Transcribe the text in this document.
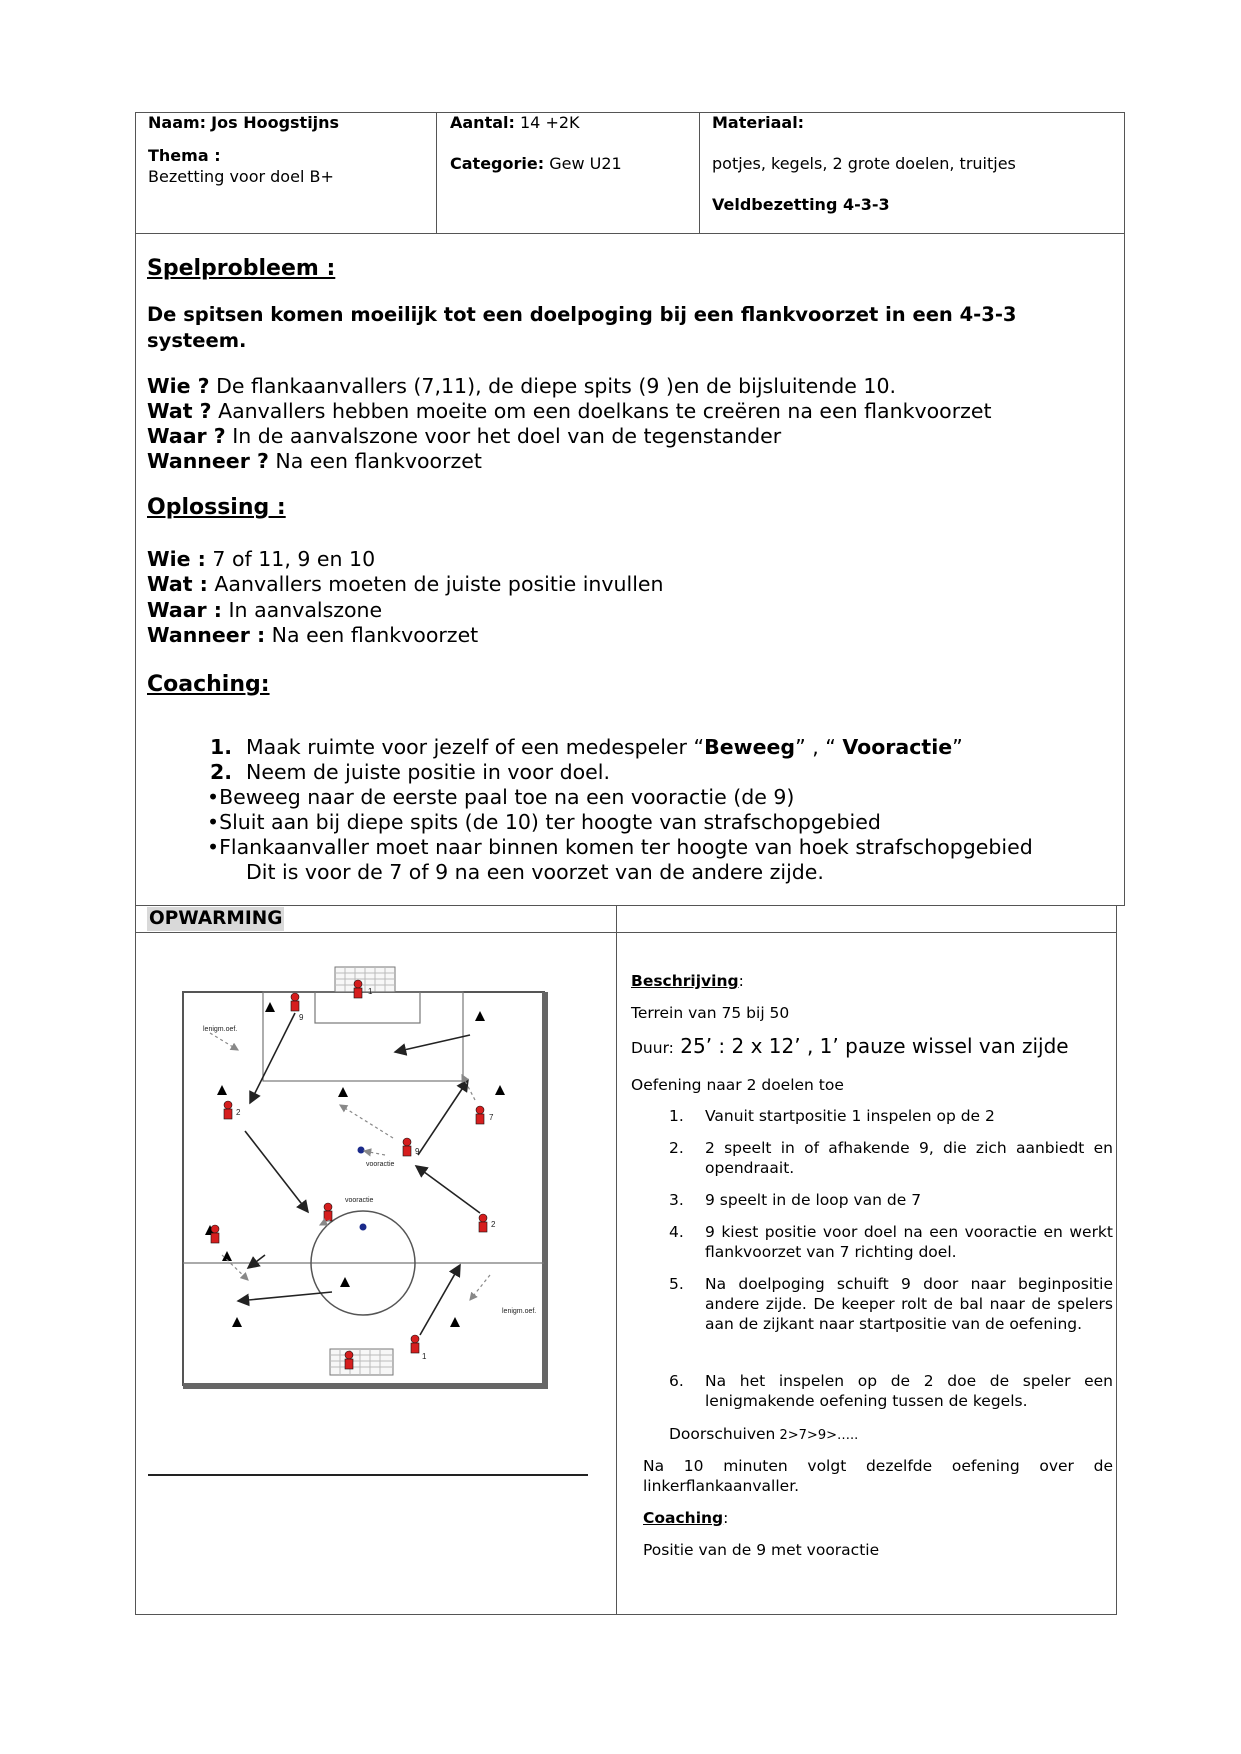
Naam: Jos Hoogstijns
Thema :
Bezetting voor doel B+
Aantal: 14 +2K
Categorie: Gew U21
Materiaal:
potjes, kegels, 2 grote doelen, truitjes
Veldbezetting 4-3-3
Spelprobleem :
De spitsen komen moeilijk tot een doelpoging bij een flankvoorzet in een 4-3-3 systeem.
Wie ? De flankaanvallers (7,11), de diepe spits (9 )en de bijsluitende 10.
Wat ? Aanvallers hebben moeite om een doelkans te creëren na een flankvoorzet
Waar ? In de aanvalszone voor het doel van de tegenstander
Wanneer ? Na een flankvoorzet
Oplossing :
Wie : 7 of 11, 9 en 10
Wat : Aanvallers moeten de juiste positie invullen
Waar : In aanvalszone
Wanneer : Na een flankvoorzet
Coaching:
1. Maak ruimte voor jezelf of een medespeler “Beweeg” , “ Vooractie”
2. Neem de juiste positie in voor doel.
•Beweeg naar de eerste paal toe na een vooractie (de 9)
•Sluit aan bij diepe spits (de 10) ter hoogte van strafschopgebied
•Flankaanvaller moet naar binnen komen ter hoogte van hoek strafschopgebied
Dit is voor de 7 of 9 na een voorzet van de andere zijde.
OPWARMING
lenigm.oef.
lenigm.oef.
vooractie
vooractie
1
9
2
7
9
2
1
Beschrijving:
Terrein van 75 bij 50
Duur: 25’ : 2 x 12’ , 1’ pauze wissel van zijde
Oefening naar 2 doelen toe
1. Vanuit startpositie 1 inspelen op de 2
2. 2 speelt in of afhakende 9, die zich aanbiedt en opendraait.
3. 9 speelt in de loop van de 7
4. 9 kiest positie voor doel na een vooractie en werkt flankvoorzet van 7 richting doel.
5. Na doelpoging schuift 9 door naar beginpositie andere zijde. De keeper rolt de bal naar de spelers aan de zijkant naar startpositie van de oefening.
6. Na het inspelen op de 2 doe de speler een lenigmakende oefening tussen de kegels.
Doorschuiven 2>7>9>…..
Na 10 minuten volgt dezelfde oefening over de linkerflankaanvaller.
Coaching:
Positie van de 9 met vooractie
